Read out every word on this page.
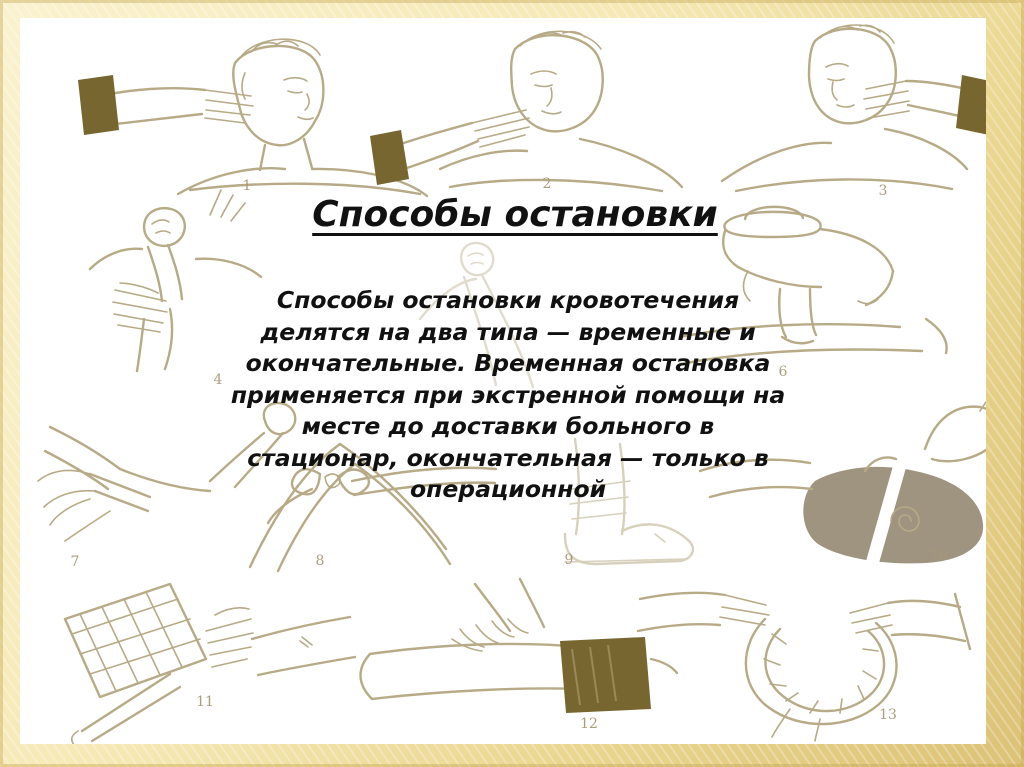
1	2	3
4	6
7	8	9	10
11
12
13
Способы остановки
Способы остановки кровотечения
делятся на два типа — временные и
окончательные. Временная остановка
применяется при экстренной помощи на
месте до доставки больного в
стационар, окончательная — только в
операционной
